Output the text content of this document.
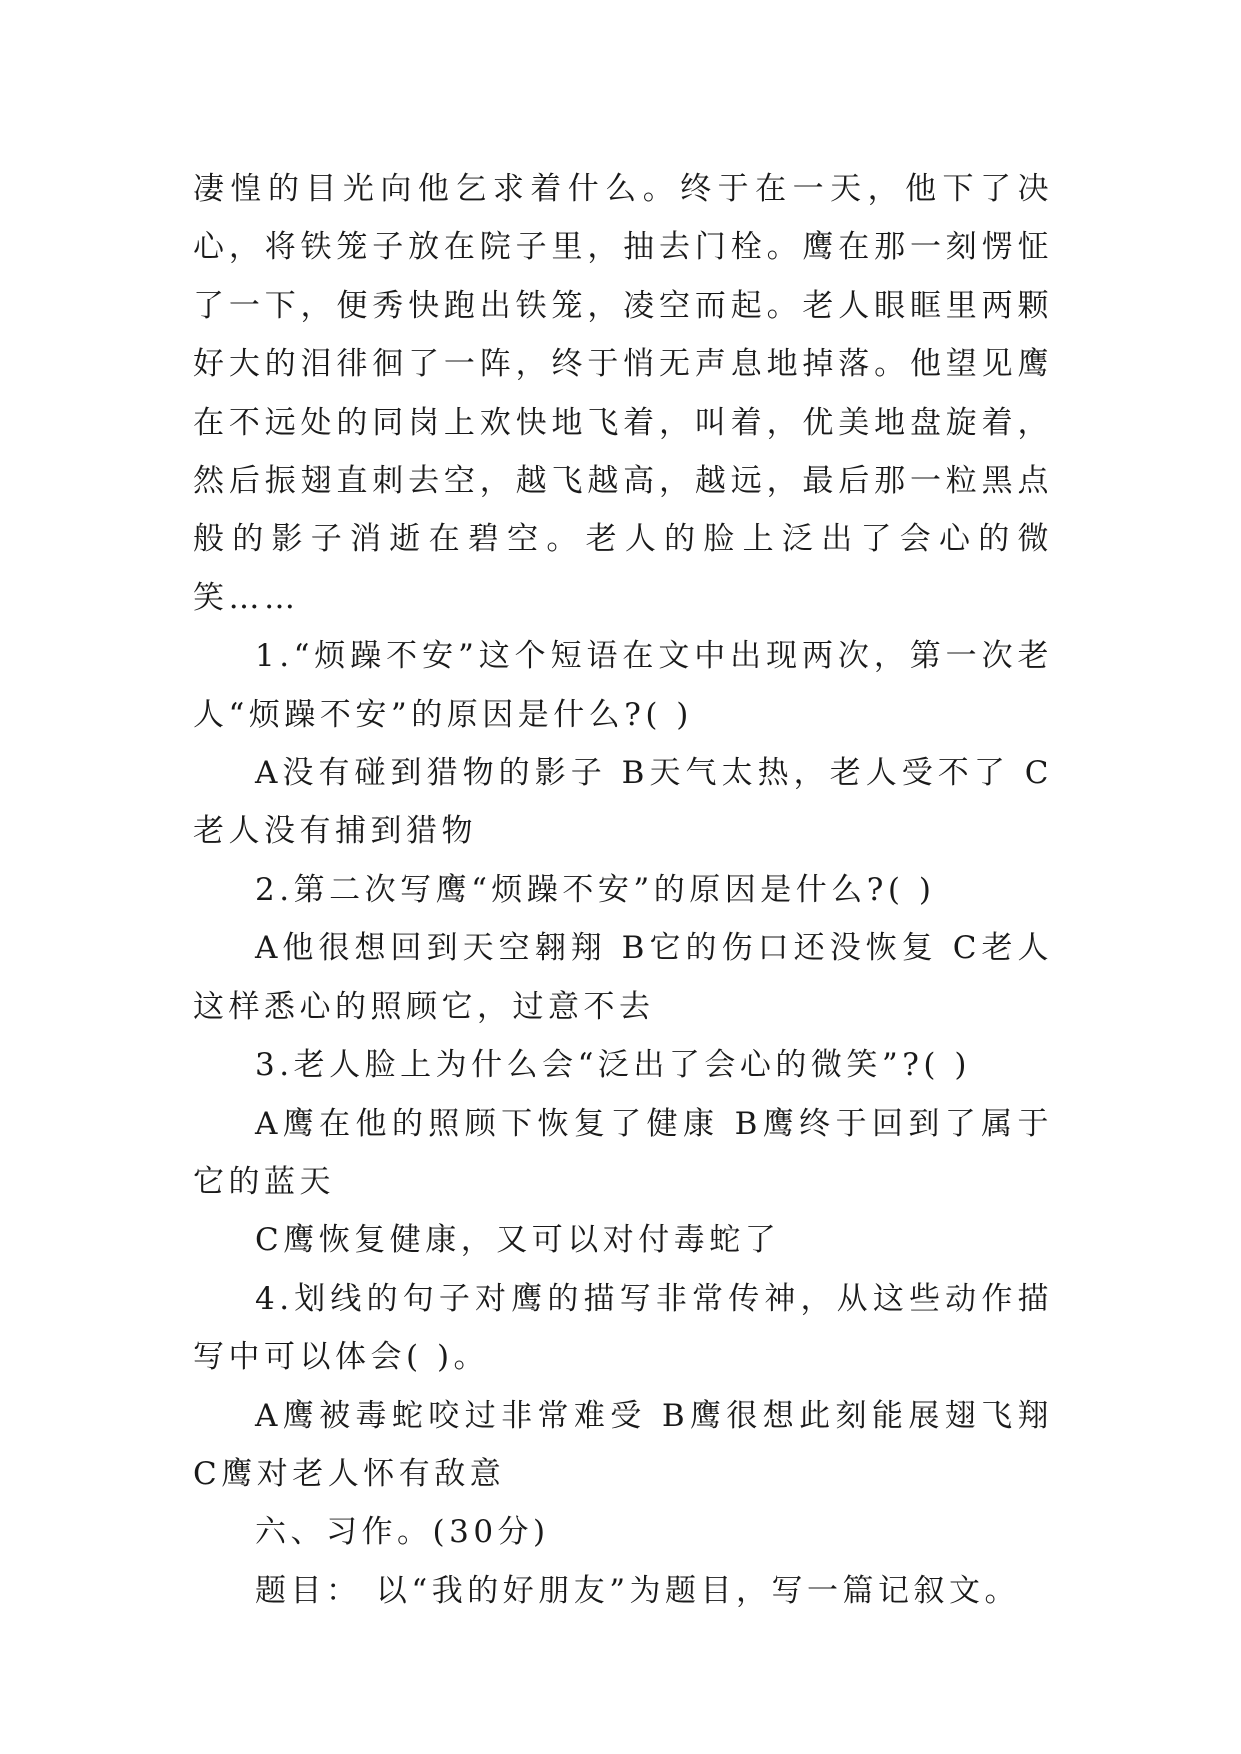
凄惶的目光向他乞求着什么。终于在一天，他下了决心，将铁笼子放在院子里，抽去门栓。鹰在那一刻愣怔了一下，便秀快跑出铁笼，凌空而起。老人眼眶里两颗好大的泪徘徊了一阵，终于悄无声息地掉落。他望见鹰在不远处的同岗上欢快地飞着，叫着，优美地盘旋着，然后振翅直刺去空，越飞越高，越远，最后那一粒黑点般的影子消逝在碧空。老人的脸上泛出了会心的微笑……

1.“烦躁不安”这个短语在文中出现两次，第一次老人“烦躁不安”的原因是什么?( )

A没有碰到猎物的影子 B天气太热，老人受不了 C 老人没有捕到猎物

2.第二次写鹰“烦躁不安”的原因是什么?( )

A他很想回到天空翱翔 B它的伤口还没恢复 C老人这样悉心的照顾它，过意不去

3.老人脸上为什么会“泛出了会心的微笑”?( )

A鹰在他的照顾下恢复了健康 B鹰终于回到了属于它的蓝天

C鹰恢复健康，又可以对付毒蛇了

4.划线的句子对鹰的描写非常传神，从这些动作描写中可以体会( )。

A鹰被毒蛇咬过非常难受 B鹰很想此刻能展翅飞翔 C鹰对老人怀有敌意

六、习作。(30分)

题目： 以“我的好朋友”为题目，写一篇记叙文。
